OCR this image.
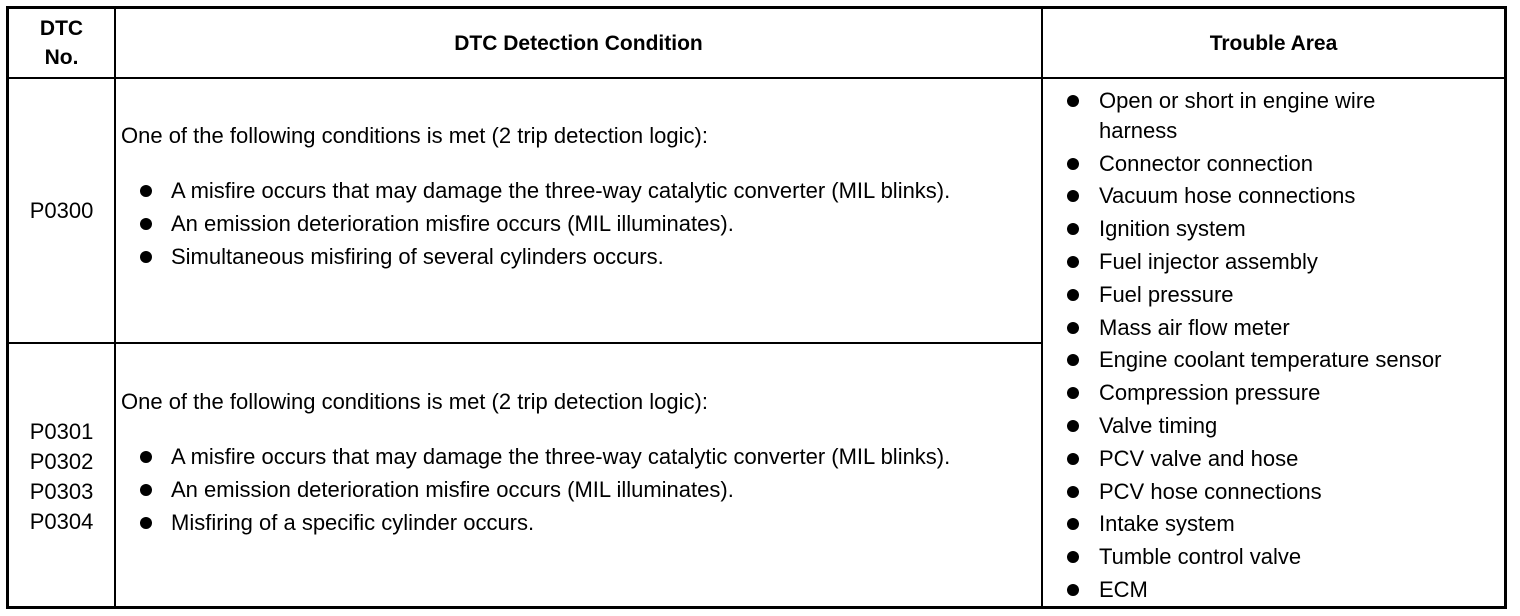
DTC
No.
DTC Detection Condition	Trouble Area
P0300
One of the following conditions is met (2 trip detection logic):
A misfire occurs that may damage the three-way catalytic converter (MIL blinks).
An emission deterioration misfire occurs (MIL illuminates).
Simultaneous misfiring of several cylinders occurs.
P0301
P0302
P0303
P0304
One of the following conditions is met (2 trip detection logic):
A misfire occurs that may damage the three-way catalytic converter (MIL blinks).
An emission deterioration misfire occurs (MIL illuminates).
Misfiring of a specific cylinder occurs.
Open or short in engine wire harness
Connector connection
Vacuum hose connections
Ignition system
Fuel injector assembly
Fuel pressure
Mass air flow meter
Engine coolant temperature sensor
Compression pressure
Valve timing
PCV valve and hose
PCV hose connections
Intake system
Tumble control valve
ECM
